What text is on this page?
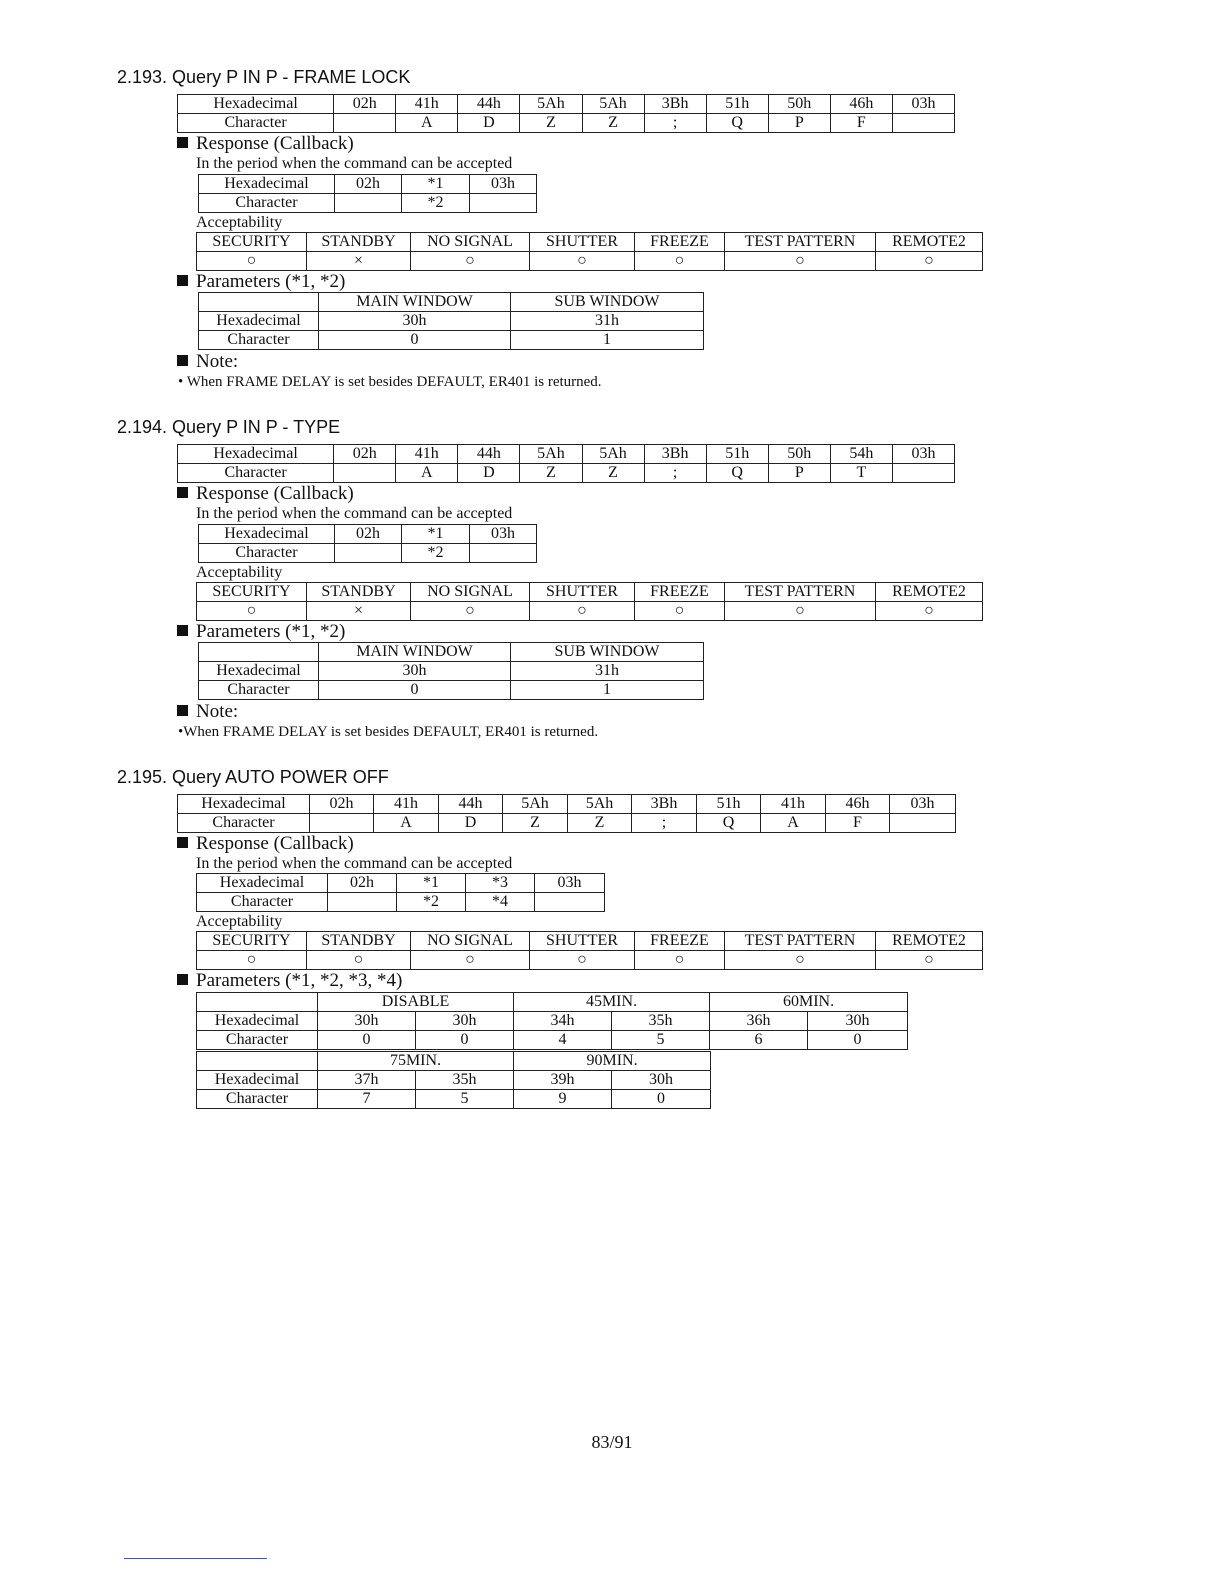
2.193. Query P IN P - FRAME LOCK
Hexadecimal	02h	41h	44h	5Ah	5Ah	3Bh	51h	50h	46h	03h
Character		A	D	Z	Z	;	Q	P	F	
Response (Callback)
In the period when the command can be accepted
Hexadecimal	02h	*1	03h
Character		*2	
Acceptability
SECURITY	STANDBY	NO SIGNAL	SHUTTER	FREEZE	TEST PATTERN	REMOTE2
○	×	○	○	○	○	○
Parameters (*1, *2)
	MAIN WINDOW	SUB WINDOW
Hexadecimal	30h	31h
Character	0	1
Note:
• When FRAME DELAY is set besides DEFAULT, ER401 is returned.
2.194. Query P IN P - TYPE
Hexadecimal	02h	41h	44h	5Ah	5Ah	3Bh	51h	50h	54h	03h
Character		A	D	Z	Z	;	Q	P	T	
Response (Callback)
In the period when the command can be accepted
Hexadecimal	02h	*1	03h
Character		*2	
Acceptability
SECURITY	STANDBY	NO SIGNAL	SHUTTER	FREEZE	TEST PATTERN	REMOTE2
○	×	○	○	○	○	○
Parameters (*1, *2)
	MAIN WINDOW	SUB WINDOW
Hexadecimal	30h	31h
Character	0	1
Note:
•When FRAME DELAY is set besides DEFAULT, ER401 is returned.
2.195. Query AUTO POWER OFF
Hexadecimal	02h	41h	44h	5Ah	5Ah	3Bh	51h	41h	46h	03h
Character		A	D	Z	Z	;	Q	A	F	
Response (Callback)
In the period when the command can be accepted
Hexadecimal	02h	*1	*3	03h
Character		*2	*4	
Acceptability
SECURITY	STANDBY	NO SIGNAL	SHUTTER	FREEZE	TEST PATTERN	REMOTE2
○	○	○	○	○	○	○
Parameters (*1, *2, *3, *4)
	DISABLE		45MIN.		60MIN.	
Hexadecimal	30h	30h	34h	35h	36h	30h
Character	0	0	4	5	6	0
	75MIN.		90MIN.	
Hexadecimal	37h	35h	39h	30h
Character	7	5	9	0
83/91
